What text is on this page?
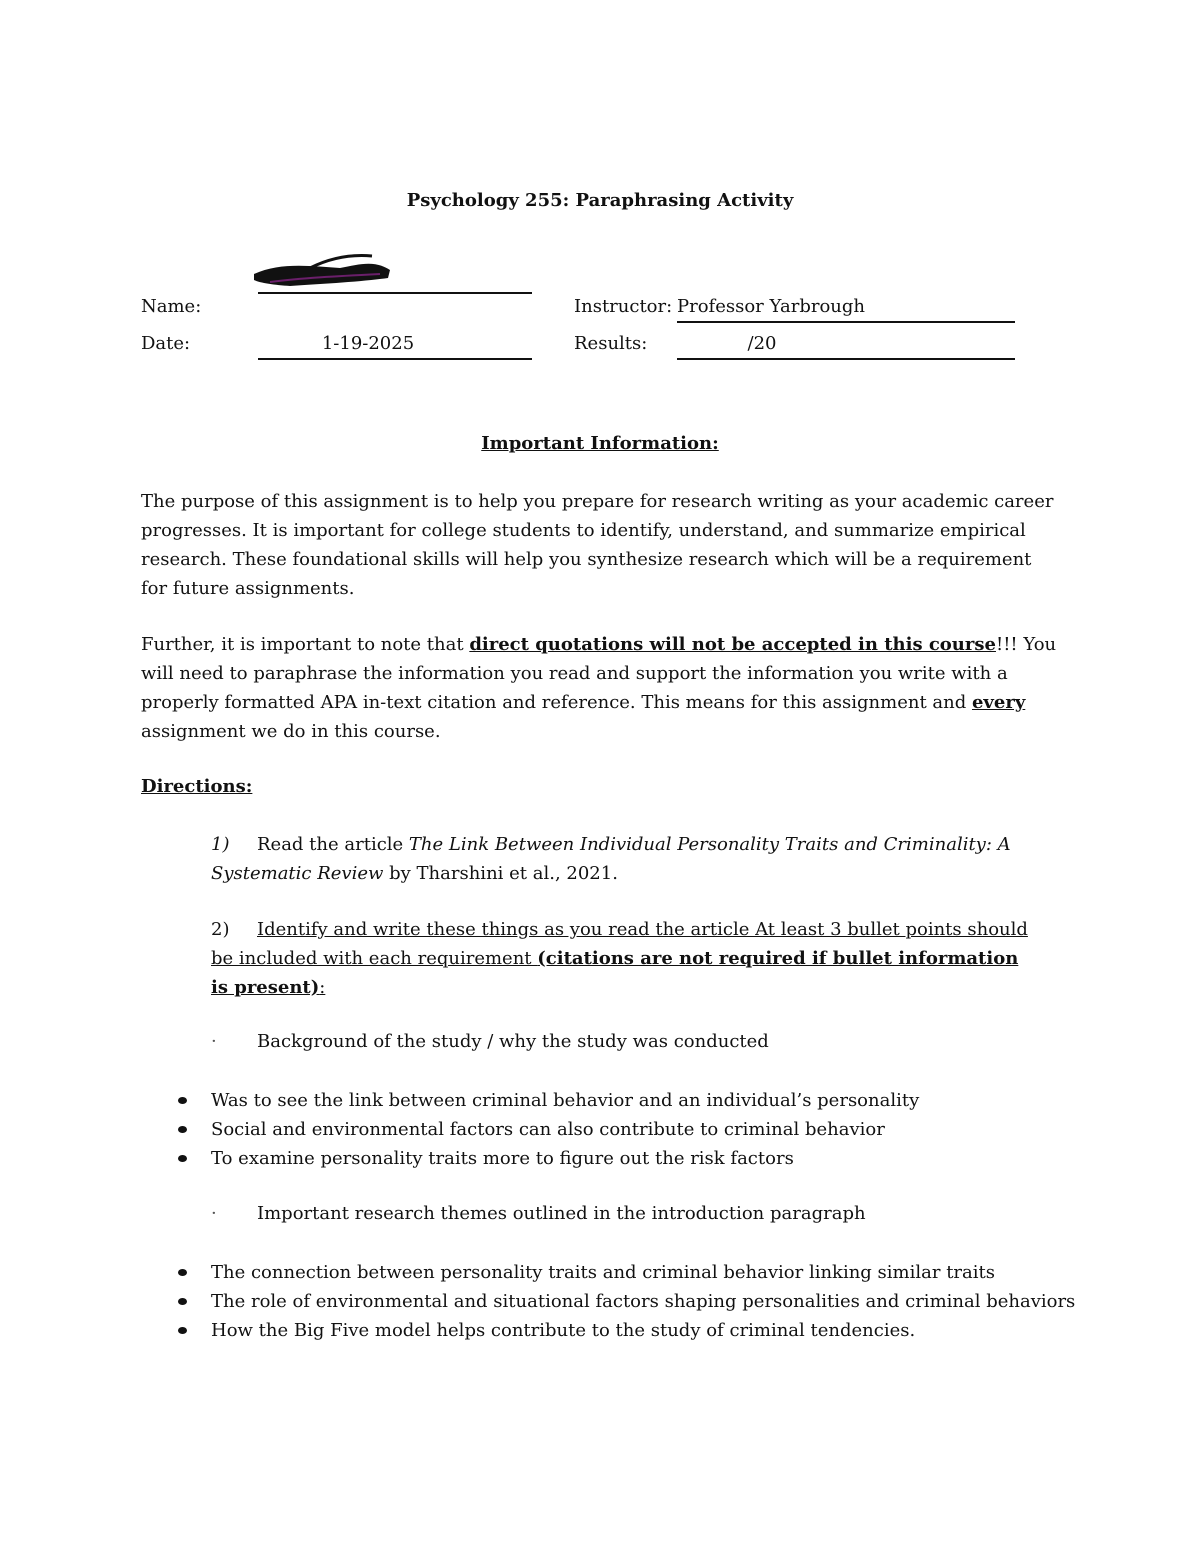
Psychology 255: Paraphrasing Activity
Name:	Instructor: Professor Yarbrough
Date:	1-19-2025	Results:	/20
Important Information:
The purpose of this assignment is to help you prepare for research writing as your academic career progresses. It is important for college students to identify, understand, and summarize empirical research. These foundational skills will help you synthesize research which will be a requirement for future assignments.
Further, it is important to note that direct quotations will not be accepted in this course!!! You will need to paraphrase the information you read and support the information you write with a properly formatted APA in-text citation and reference. This means for this assignment and every assignment we do in this course.
Directions:
1) Read the article The Link Between Individual Personality Traits and Criminality: A Systematic Review by Tharshini et al., 2021.
2) Identify and write these things as you read the article At least 3 bullet points should be included with each requirement (citations are not required if bullet information is present):
· Background of the study / why the study was conducted
Was to see the link between criminal behavior and an individual’s personality
Social and environmental factors can also contribute to criminal behavior
To examine personality traits more to figure out the risk factors
· Important research themes outlined in the introduction paragraph
The connection between personality traits and criminal behavior linking similar traits
The role of environmental and situational factors shaping personalities and criminal behaviors
How the Big Five model helps contribute to the study of criminal tendencies.
